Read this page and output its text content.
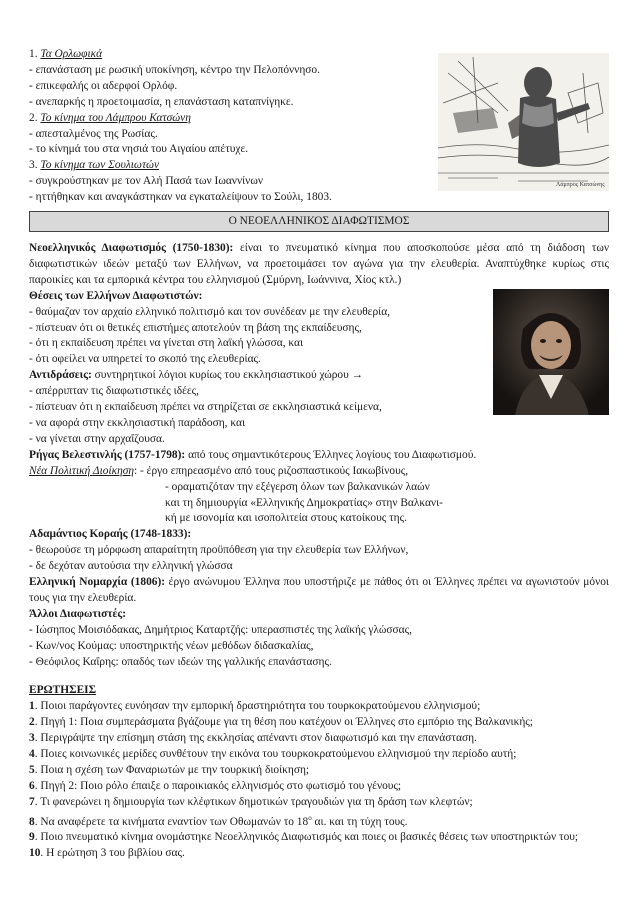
1. Τα Ορλωφικά
- επανάσταση με ρωσική υποκίνηση, κέντρο την Πελοπόννησο.
- επικεφαλής οι αδερφοί Ορλόφ.
- ανεπαρκής η προετοιμασία, η επανάσταση καταπνίγηκε.
2. Το κίνημα του Λάμπρου Κατσώνη
- απεσταλμένος της Ρωσίας.
- το κίνημά του στα νησιά του Αιγαίου απέτυχε.
3. Το κίνημα των Σουλιωτών
- συγκρούστηκαν με τον Αλή Πασά των Ιωαννίνων
- ηττήθηκαν και αναγκάστηκαν να εγκαταλείψουν το Σούλι, 1803.
Λάμπρος Κατσώνης
Ο ΝΕΟΕΛΛΗΝΙΚΟΣ ΔΙΑΦΩΤΙΣΜΟΣ
Νεοελληνικός Διαφωτισμός (1750-1830): είναι το πνευματικό κίνημα που αποσκοπούσε μέσα από τη διάδοση των διαφωτιστικών ιδεών μεταξύ των Ελλήνων, να προετοιμάσει τον αγώνα για την ελευθερία. Αναπτύχθηκε κυρίως στις παροικίες και τα εμπορικά κέντρα του ελληνισμού (Σμύρνη, Ιωάννινα, Χίος κτλ.)
Θέσεις των Ελλήνων Διαφωτιστών:
- θαύμαζαν τον αρχαίο ελληνικό πολιτισμό και τον συνέδεαν με την ελευθερία,
- πίστευαν ότι οι θετικές επιστήμες αποτελούν τη βάση της εκπαίδευσης,
- ότι η εκπαίδευση πρέπει να γίνεται στη λαϊκή γλώσσα, και
- ότι οφείλει να υπηρετεί το σκοπό της ελευθερίας.
Αντιδράσεις: συντηρητικοί λόγιοι κυρίως του εκκλησιαστικού χώρου →
- απέρριπταν τις διαφωτιστικές ιδέες,
- πίστευαν ότι η εκπαίδευση πρέπει να στηρίζεται σε εκκλησιαστικά κείμενα,
- να αφορά στην εκκλησιαστική παράδοση, και
- να γίνεται στην αρχαΐζουσα.
Ρήγας Βελεστινλής (1757-1798): από τους σημαντικότερους Έλληνες λογίους του Διαφωτισμού.
Νέα Πολιτική Διοίκηση: - έργο επηρεασμένο από τους ριζοσπαστικούς Ιακωβίνους,
- οραματιζόταν την εξέγερση όλων των βαλκανικών λαών
και τη δημιουργία «Ελληνικής Δημοκρατίας» στην Βαλκανι-
κή με ισονομία και ισοπολιτεία στους κατοίκους της.
Αδαμάντιος Κοραής (1748-1833):
- θεωρούσε τη μόρφωση απαραίτητη προϋπόθεση για την ελευθερία των Ελλήνων,
- δε δεχόταν αυτούσια την ελληνική γλώσσα
Ελληνική Νομαρχία (1806): έργο ανώνυμου Έλληνα που υποστήριζε με πάθος ότι οι Έλληνες πρέπει να αγωνιστούν μόνοι τους για την ελευθερία.
Άλλοι Διαφωτιστές:
- Ιώσηπος Μοισιόδακας, Δημήτριος Καταρτζής: υπερασπιστές της λαϊκής γλώσσας,
- Κων/νος Κούμας: υποστηρικτής νέων μεθόδων διδασκαλίας,
- Θεόφιλος Καΐρης: οπαδός των ιδεών της γαλλικής επανάστασης.
ΕΡΩΤΗΣΕΙΣ
1. Ποιοι παράγοντες ευνόησαν την εμπορική δραστηριότητα του τουρκοκρατούμενου ελληνισμού;
2. Πηγή 1: Ποια συμπεράσματα βγάζουμε για τη θέση που κατέχουν οι Έλληνες στο εμπόριο της Βαλκανικής;
3. Περιγράψτε την επίσημη στάση της εκκλησίας απέναντι στον διαφωτισμό και την επανάσταση.
4. Ποιες κοινωνικές μερίδες συνθέτουν την εικόνα του τουρκοκρατούμενου ελληνισμού την περίοδο αυτή;
5. Ποια η σχέση των Φαναριωτών με την τουρκική διοίκηση;
6. Πηγή 2: Ποιο ρόλο έπαιξε ο παροικιακός ελληνισμός στο φωτισμό του γένους;
7. Τι φανερώνει η δημιουργία των κλέφτικων δημοτικών τραγουδιών για τη δράση των κλεφτών;
8. Να αναφέρετε τα κινήματα εναντίον των Οθωμανών το $18^o$ αι. και τη τύχη τους.
9. Ποιο πνευματικό κίνημα ονομάστηκε Νεοελληνικός Διαφωτισμός και ποιες οι βασικές θέσεις των υποστηρικτών του;
10. Η ερώτηση 3 του βιβλίου σας.
